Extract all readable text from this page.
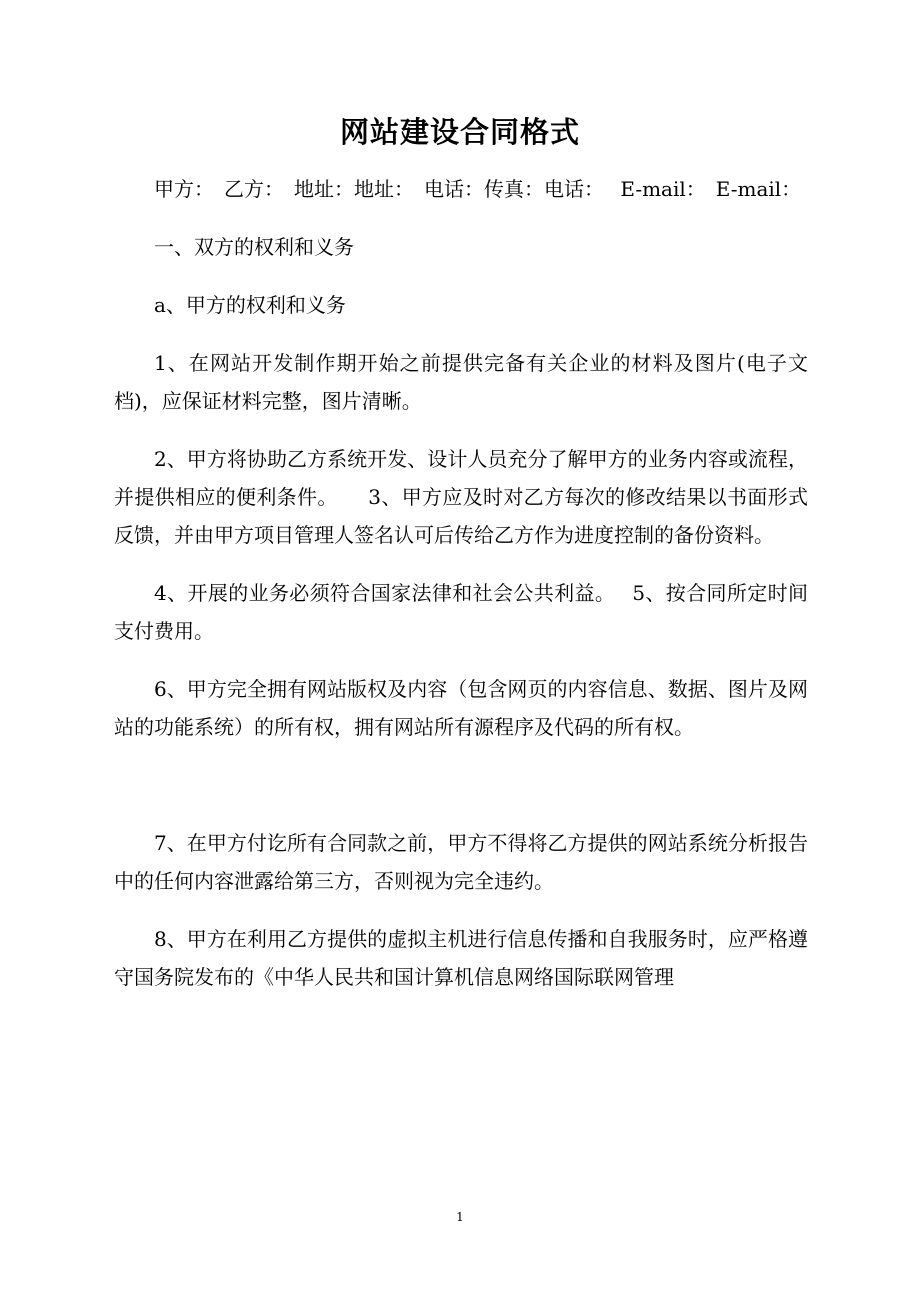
网站建设合同格式

甲方：　乙方：　地址：地址：　电话：传真：电话：　 E-mail：　E-mail：

一、双方的权利和义务

a、甲方的权利和义务

1、在网站开发制作期开始之前提供完备有关企业的材料及图片(电子文档)，应保证材料完整，图片清晰。

2、甲方将协助乙方系统开发、设计人员充分了解甲方的业务内容或流程，并提供相应的便利条件。　　3、甲方应及时对乙方每次的修改结果以书面形式反馈，并由甲方项目管理人签名认可后传给乙方作为进度控制的备份资料。

4、开展的业务必须符合国家法律和社会公共利益。　 5、按合同所定时间支付费用。

6、甲方完全拥有网站版权及内容（包含网页的内容信息、数据、图片及网站的功能系统）的所有权，拥有网站所有源程序及代码的所有权。

7、在甲方付讫所有合同款之前，甲方不得将乙方提供的网站系统分析报告中的任何内容泄露给第三方，否则视为完全违约。

8、甲方在利用乙方提供的虚拟主机进行信息传播和自我服务时，应严格遵守国务院发布的《中华人民共和国计算机信息网络国际联网管理

1
